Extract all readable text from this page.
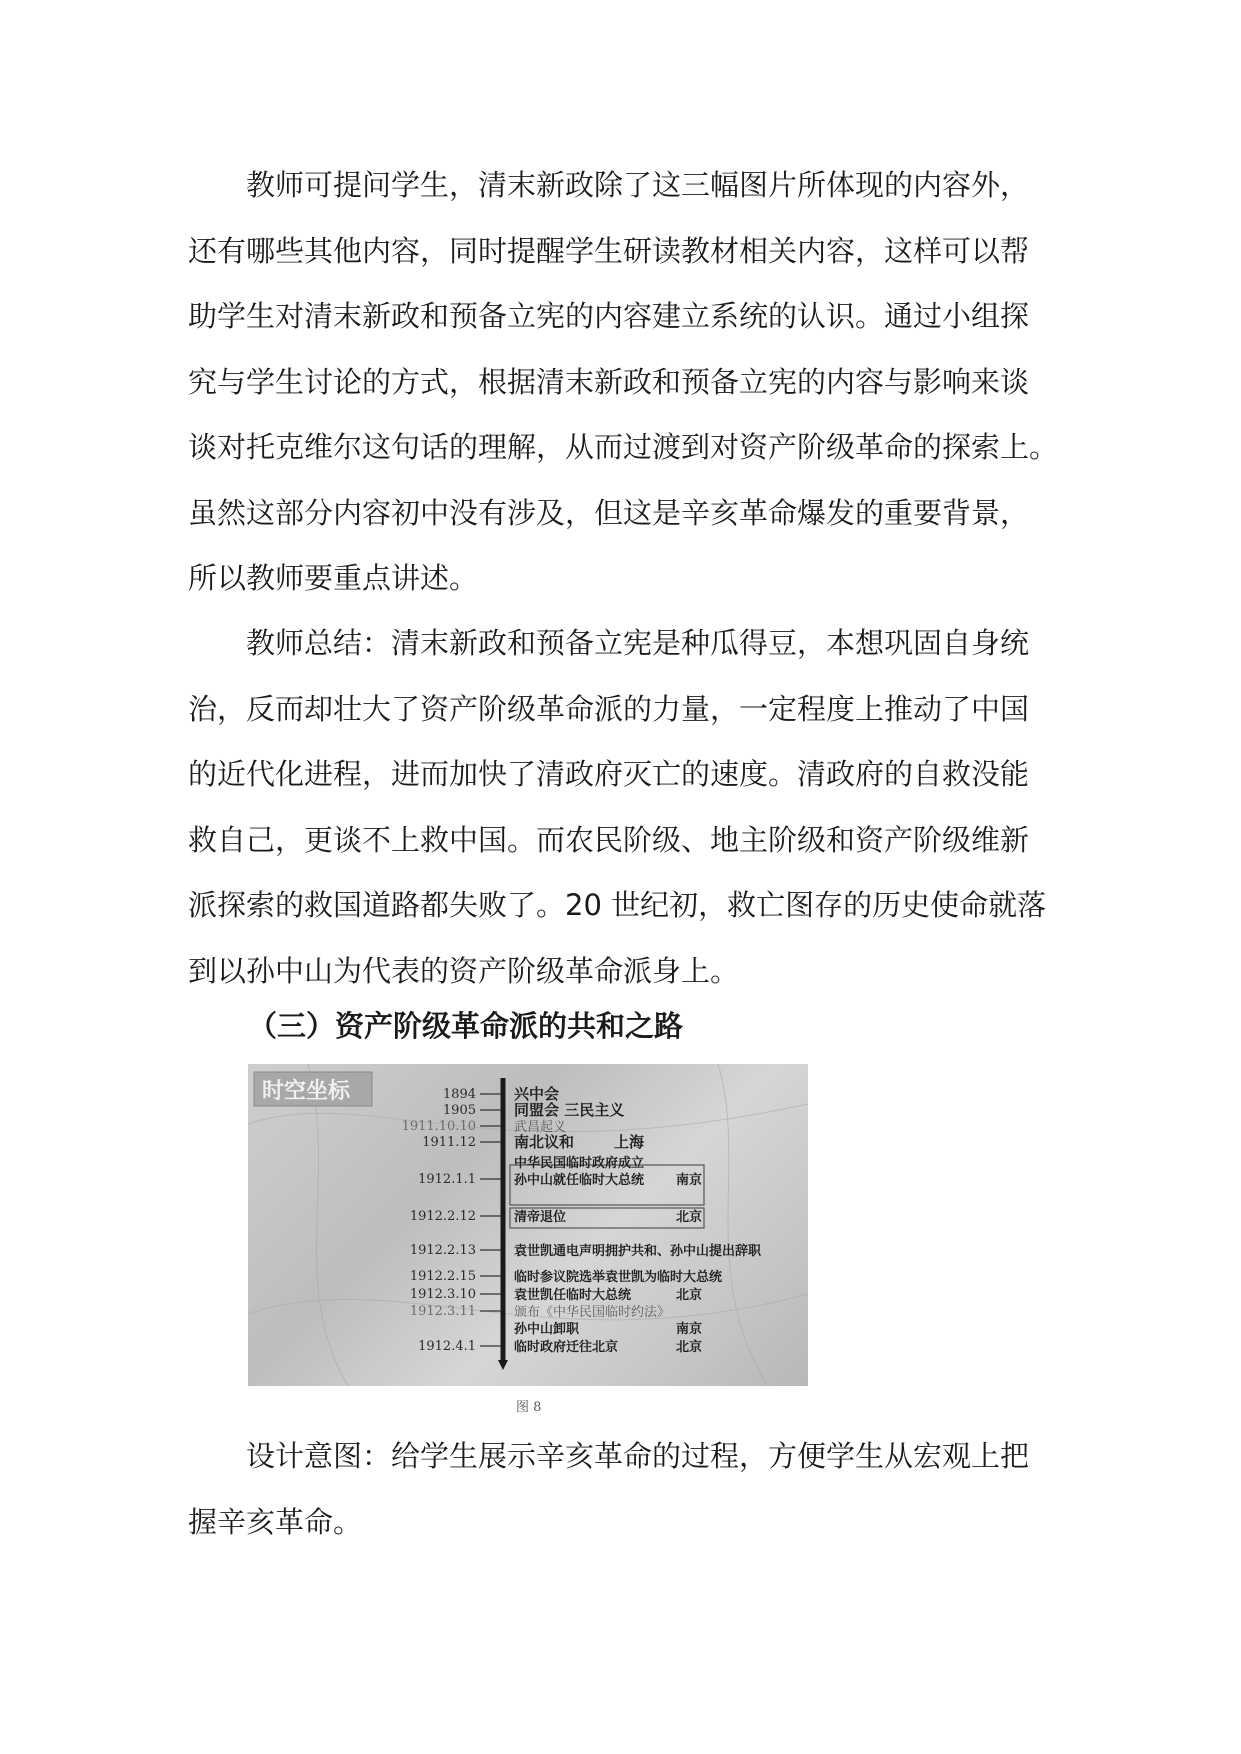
教师可提问学生，清末新政除了这三幅图片所体现的内容外，
还有哪些其他内容，同时提醒学生研读教材相关内容，这样可以帮
助学生对清末新政和预备立宪的内容建立系统的认识。通过小组探
究与学生讨论的方式，根据清末新政和预备立宪的内容与影响来谈
谈对托克维尔这句话的理解，从而过渡到对资产阶级革命的探索上。
虽然这部分内容初中没有涉及，但这是辛亥革命爆发的重要背景，
所以教师要重点讲述。
教师总结：清末新政和预备立宪是种瓜得豆，本想巩固自身统
治，反而却壮大了资产阶级革命派的力量，一定程度上推动了中国
的近代化进程，进而加快了清政府灭亡的速度。清政府的自救没能
救自己，更谈不上救中国。而农民阶级、地主阶级和资产阶级维新
派探索的救国道路都失败了。20 世纪初，救亡图存的历史使命就落
到以孙中山为代表的资产阶级革命派身上。
（三）资产阶级革命派的共和之路
时空坐标	1894	兴中会
1905	同盟会 三民主义
1911.10.10	武昌起义
1911.12	南北议和	上海
中华民国临时政府成立
1912.1.1	孙中山就任临时大总统 南京
1912.2.12	清帝退位	北京
1912.2.13	袁世凯通电声明拥护共和、孙中山提出辞职
1912.2.15	临时参议院选举袁世凯为临时大总统
1912.3.10	袁世凯任临时大总统	北京
1912.3.11	颁布《中华民国临时约法》
孙中山卸职	南京
1912.4.1	临时政府迁往北京	北京
图 8
设计意图：给学生展示辛亥革命的过程，方便学生从宏观上把
握辛亥革命。
